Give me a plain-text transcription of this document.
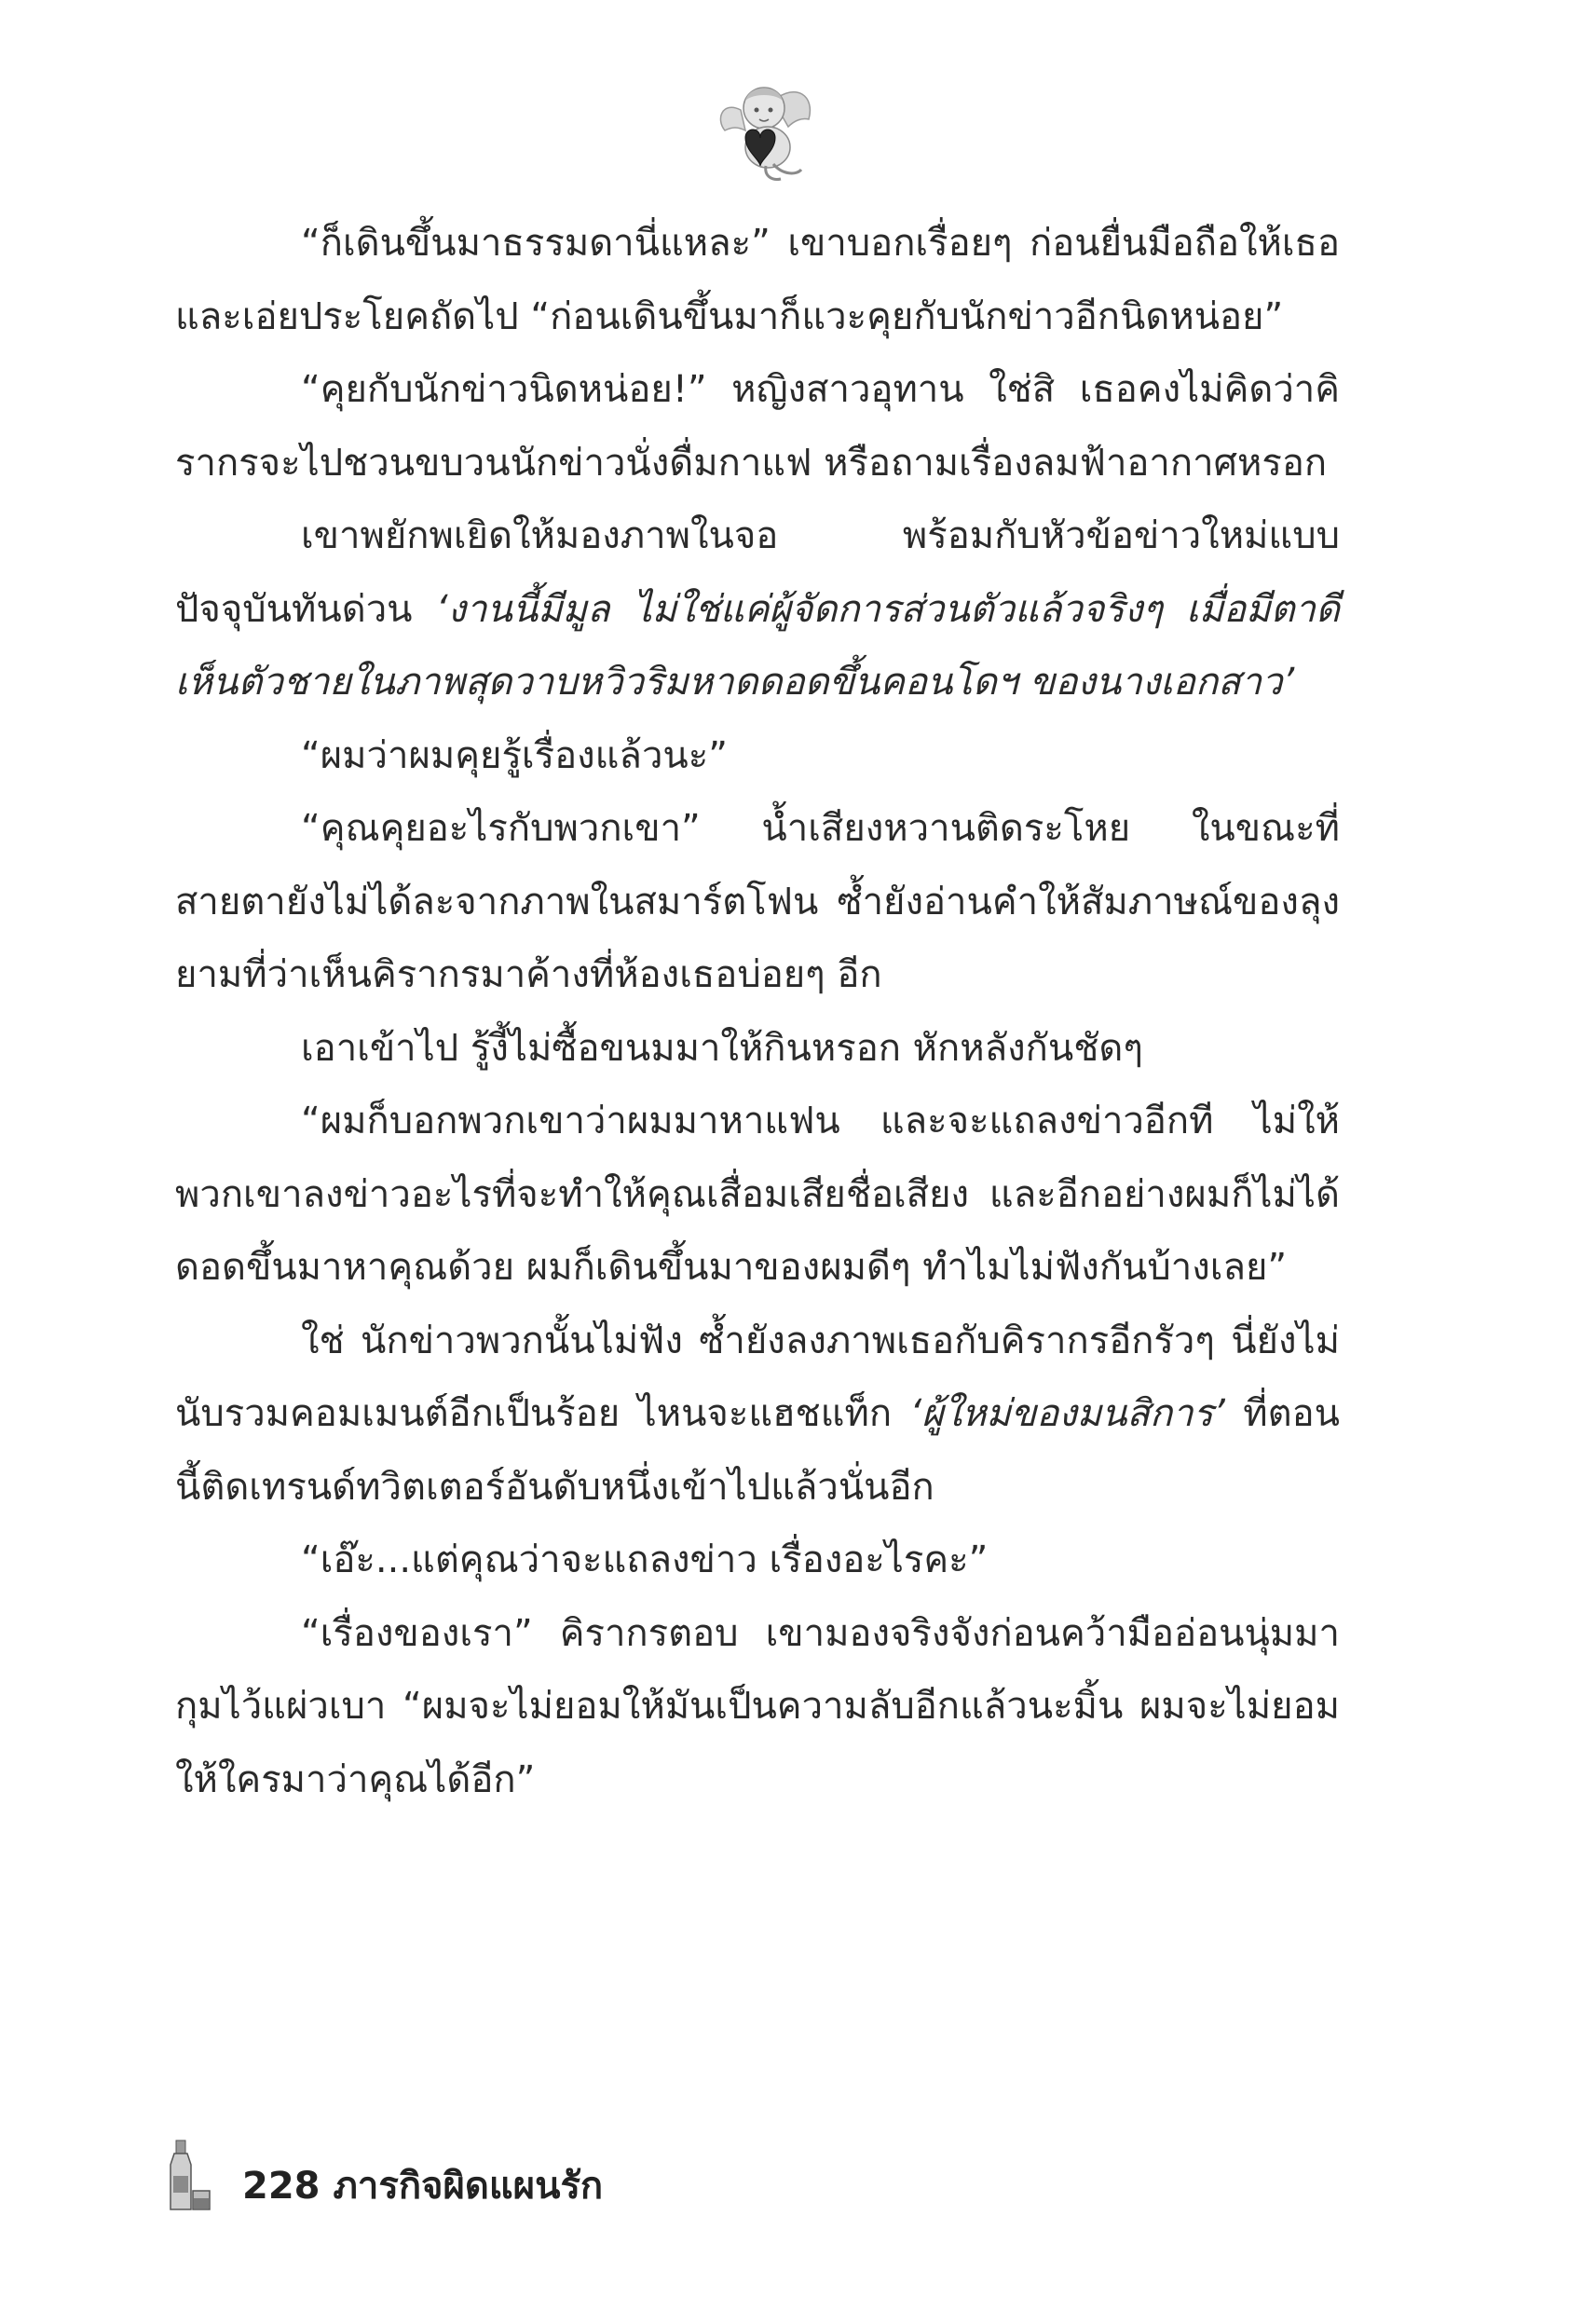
“ก็เดินขึ้นมาธรรมดานี่แหละ” เขาบอกเรื่อยๆ ก่อนยื่นมือถือให้เธอ และเอ่ยประโยคถัดไป “ก่อนเดินขึ้นมาก็แวะคุยกับนักข่าวอีกนิดหน่อย”

“คุยกับนักข่าวนิดหน่อย!” หญิงสาวอุทาน ใช่สิ เธอคงไม่คิดว่าคิรากรจะไปชวนขบวนนักข่าวนั่งดื่มกาแฟ หรือถามเรื่องลมฟ้าอากาศหรอก

เขาพยักพเยิดให้มองภาพในจอ พร้อมกับหัวข้อข่าวใหม่แบบปัจจุบันทันด่วน ‘งานนี้มีมูล ไม่ใช่แค่ผู้จัดการส่วนตัวแล้วจริงๆ เมื่อมีตาดีเห็นตัวชายในภาพสุดวาบหวิวริมหาดดอดขึ้นคอนโดฯ ของนางเอกสาว’

“ผมว่าผมคุยรู้เรื่องแล้วนะ”

“คุณคุยอะไรกับพวกเขา” น้ำเสียงหวานติดระโหย ในขณะที่สายตายังไม่ได้ละจากภาพในสมาร์ตโฟน ซ้ำยังอ่านคำให้สัมภาษณ์ของลุงยามที่ว่าเห็นคิรากรมาค้างที่ห้องเธอบ่อยๆ อีก

เอาเข้าไป รู้งี้ไม่ซื้อขนมมาให้กินหรอก หักหลังกันชัดๆ

“ผมก็บอกพวกเขาว่าผมมาหาแฟน และจะแถลงข่าวอีกที ไม่ให้พวกเขาลงข่าวอะไรที่จะทำให้คุณเสื่อมเสียชื่อเสียง และอีกอย่างผมก็ไม่ได้ดอดขึ้นมาหาคุณด้วย ผมก็เดินขึ้นมาของผมดีๆ ทำไมไม่ฟังกันบ้างเลย”

ใช่ นักข่าวพวกนั้นไม่ฟัง ซ้ำยังลงภาพเธอกับคิรากรอีกรัวๆ นี่ยังไม่นับรวมคอมเมนต์อีกเป็นร้อย ไหนจะแฮชแท็ก ‘ผู้ใหม่ของมนสิการ’ ที่ตอนนี้ติดเทรนด์ทวิตเตอร์อันดับหนึ่งเข้าไปแล้วนั่นอีก

“เอ๊ะ...แต่คุณว่าจะแถลงข่าว เรื่องอะไรคะ”

“เรื่องของเรา” คิรากรตอบ เขามองจริงจังก่อนคว้ามืออ่อนนุ่มมากุมไว้แผ่วเบา “ผมจะไม่ยอมให้มันเป็นความลับอีกแล้วนะมิ้น ผมจะไม่ยอมให้ใครมาว่าคุณได้อีก”

228 ภารกิจผิดแผนรัก
